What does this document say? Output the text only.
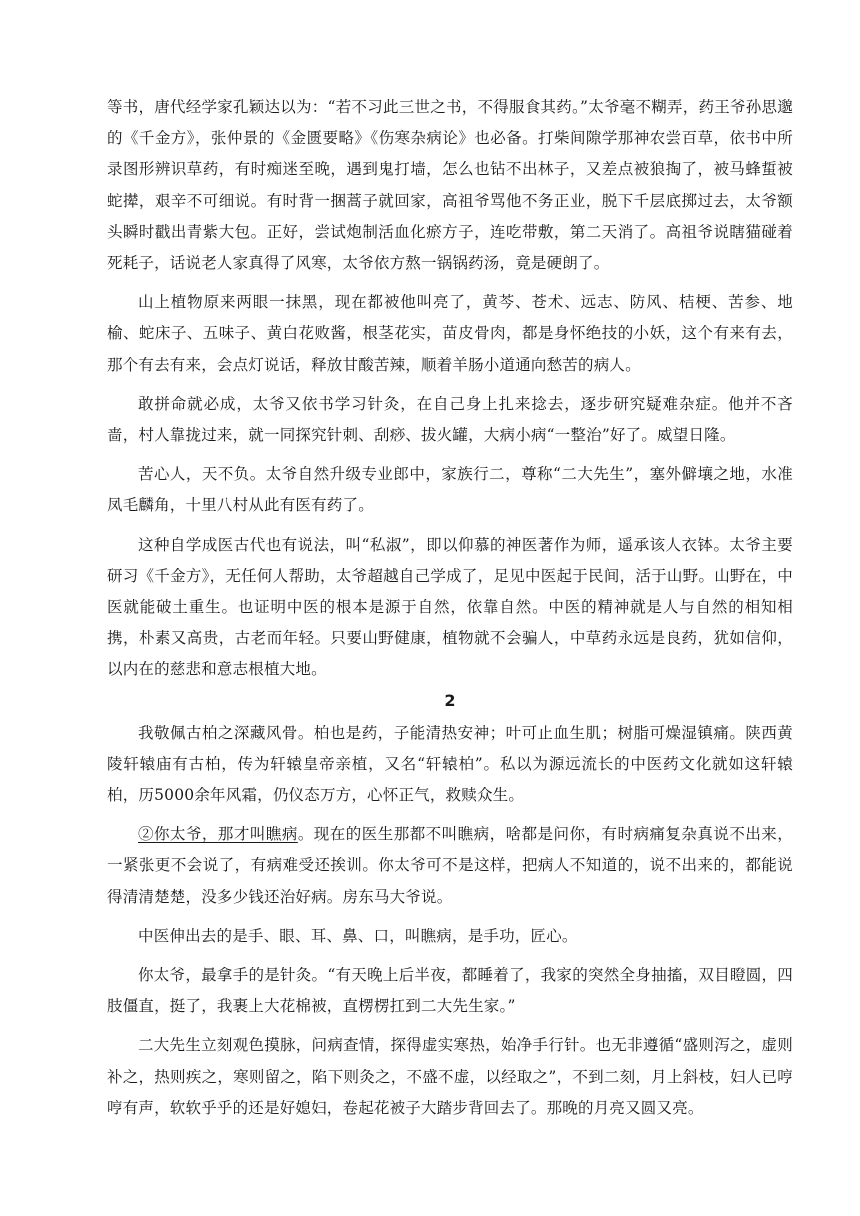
等书，唐代经学家孔颖达以为：“若不习此三世之书，不得服食其药。”太爷毫不糊弄，药王爷孙思邈的《千金方》，张仲景的《金匮要略》《伤寒杂病论》也必备。打柴间隙学那神农尝百草，依书中所录图形辨识草药，有时痴迷至晚，遇到鬼打墙，怎么也钻不出林子，又差点被狼掏了，被马蜂蜇被蛇撵，艰辛不可细说。有时背一捆蒿子就回家，高祖爷骂他不务正业，脱下千层底掷过去，太爷额头瞬时戳出青紫大包。正好，尝试炮制活血化瘀方子，连吃带敷，第二天消了。高祖爷说瞎猫碰着死耗子，话说老人家真得了风寒，太爷依方熬一锅锅药汤，竟是硬朗了。

山上植物原来两眼一抹黑，现在都被他叫亮了，黄芩、苍术、远志、防风、桔梗、苦参、地榆、蛇床子、五味子、黄白花败酱，根茎花实，苗皮骨肉，都是身怀绝技的小妖，这个有来有去，那个有去有来，会点灯说话，释放甘酸苦辣，顺着羊肠小道通向愁苦的病人。

敢拼命就必成，太爷又依书学习针灸，在自己身上扎来捻去，逐步研究疑难杂症。他并不吝啬，村人靠拢过来，就一同探究针刺、刮痧、拔火罐，大病小病“一整治”好了。威望日隆。

苦心人，天不负。太爷自然升级专业郎中，家族行二，尊称“二大先生”，塞外僻壤之地，水准凤毛麟角，十里八村从此有医有药了。

这种自学成医古代也有说法，叫“私淑”，即以仰慕的神医著作为师，遥承该人衣钵。太爷主要研习《千金方》，无任何人帮助，太爷超越自己学成了，足见中医起于民间，活于山野。山野在，中医就能破土重生。也证明中医的根本是源于自然，依靠自然。中医的精神就是人与自然的相知相携，朴素又高贵，古老而年轻。只要山野健康，植物就不会骗人，中草药永远是良药，犹如信仰，以内在的慈悲和意志根植大地。

2

我敬佩古柏之深藏风骨。柏也是药，子能清热安神；叶可止血生肌；树脂可燥湿镇痛。陕西黄陵轩辕庙有古柏，传为轩辕皇帝亲植，又名“轩辕柏”。私以为源远流长的中医药文化就如这轩辕柏，历5000余年风霜，仍仪态万方，心怀正气，救赎众生。

②你太爷，那才叫瞧病。现在的医生那都不叫瞧病，啥都是问你，有时病痛复杂真说不出来，一紧张更不会说了，有病难受还挨训。你太爷可不是这样，把病人不知道的，说不出来的，都能说得清清楚楚，没多少钱还治好病。房东马大爷说。

中医伸出去的是手、眼、耳、鼻、口，叫瞧病，是手功，匠心。

你太爷，最拿手的是针灸。“有天晚上后半夜，都睡着了，我家的突然全身抽搐，双目瞪圆，四肢僵直，挺了，我裹上大花棉被，直楞楞扛到二大先生家。”

二大先生立刻观色摸脉，问病查情，探得虚实寒热，始净手行针。也无非遵循“盛则泻之，虚则补之，热则疾之，寒则留之，陷下则灸之，不盛不虚，以经取之”，不到二刻，月上斜枝，妇人已哼哼有声，软软乎乎的还是好媳妇，卷起花被子大踏步背回去了。那晚的月亮又圆又亮。
